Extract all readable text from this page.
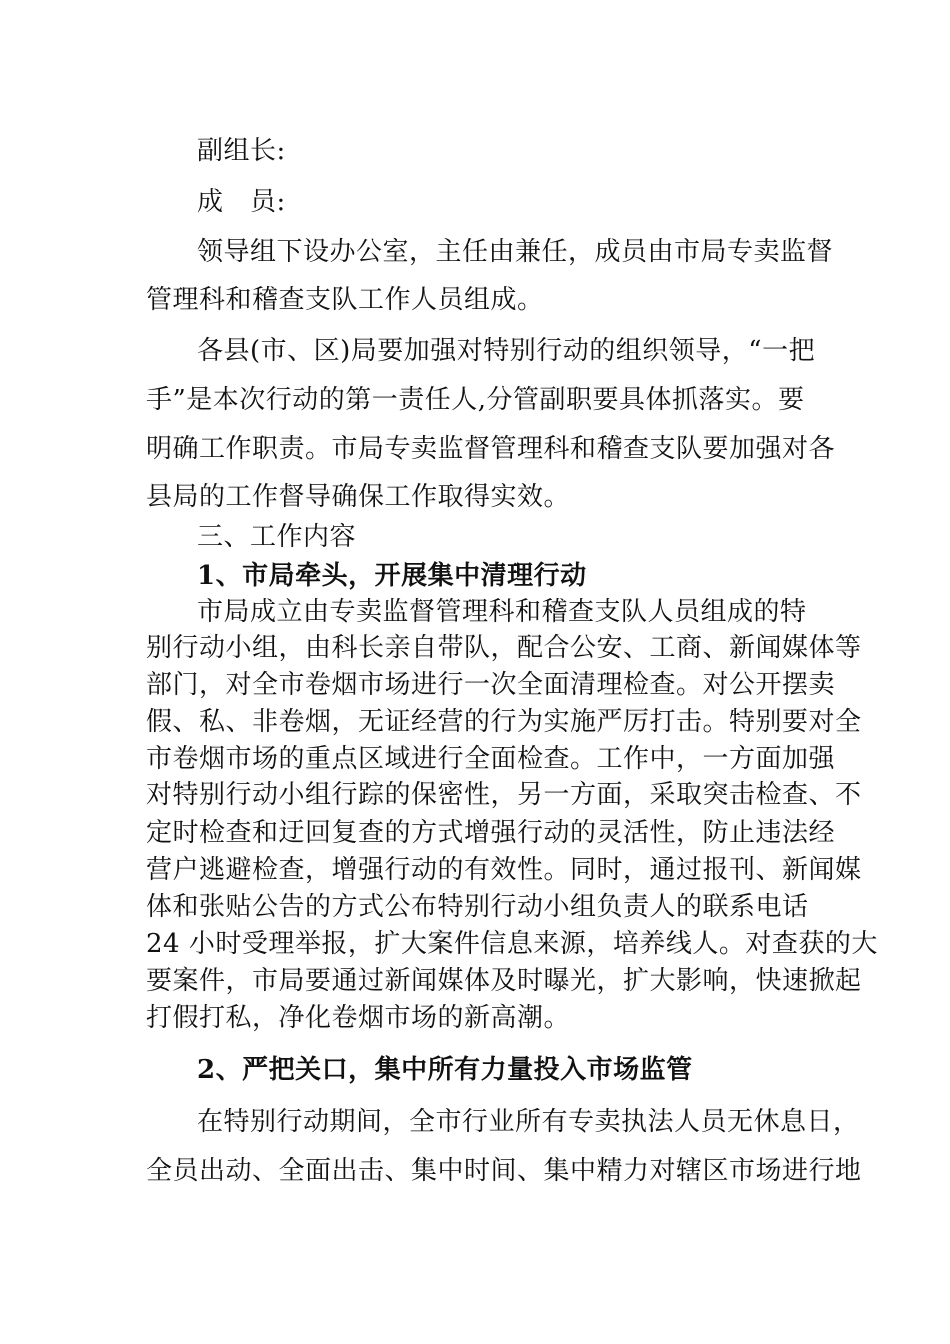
副组长:
成　员:
领导组下设办公室，主任由兼任，成员由市局专卖监督
管理科和稽查支队工作人员组成。
各县(市、区)局要加强对特别行动的组织领导，“一把
手”是本次行动的第一责任人,分管副职要具体抓落实。要
明确工作职责。市局专卖监督管理科和稽查支队要加强对各
县局的工作督导确保工作取得实效。
三、工作内容
1、市局牵头，开展集中清理行动
市局成立由专卖监督管理科和稽查支队人员组成的特
别行动小组，由科长亲自带队，配合公安、工商、新闻媒体等
部门，对全市卷烟市场进行一次全面清理检查。对公开摆卖
假、私、非卷烟，无证经营的行为实施严厉打击。特别要对全
市卷烟市场的重点区域进行全面检查。工作中，一方面加强
对特别行动小组行踪的保密性，另一方面，采取突击检查、不
定时检查和迂回复查的方式增强行动的灵活性，防止违法经
营户逃避检查，增强行动的有效性。同时，通过报刊、新闻媒
体和张贴公告的方式公布特别行动小组负责人的联系电话
24 小时受理举报，扩大案件信息来源，培养线人。对查获的大
要案件，市局要通过新闻媒体及时曝光，扩大影响，快速掀起
打假打私，净化卷烟市场的新高潮。
2、严把关口，集中所有力量投入市场监管
在特别行动期间，全市行业所有专卖执法人员无休息日，
全员出动、全面出击、集中时间、集中精力对辖区市场进行地
